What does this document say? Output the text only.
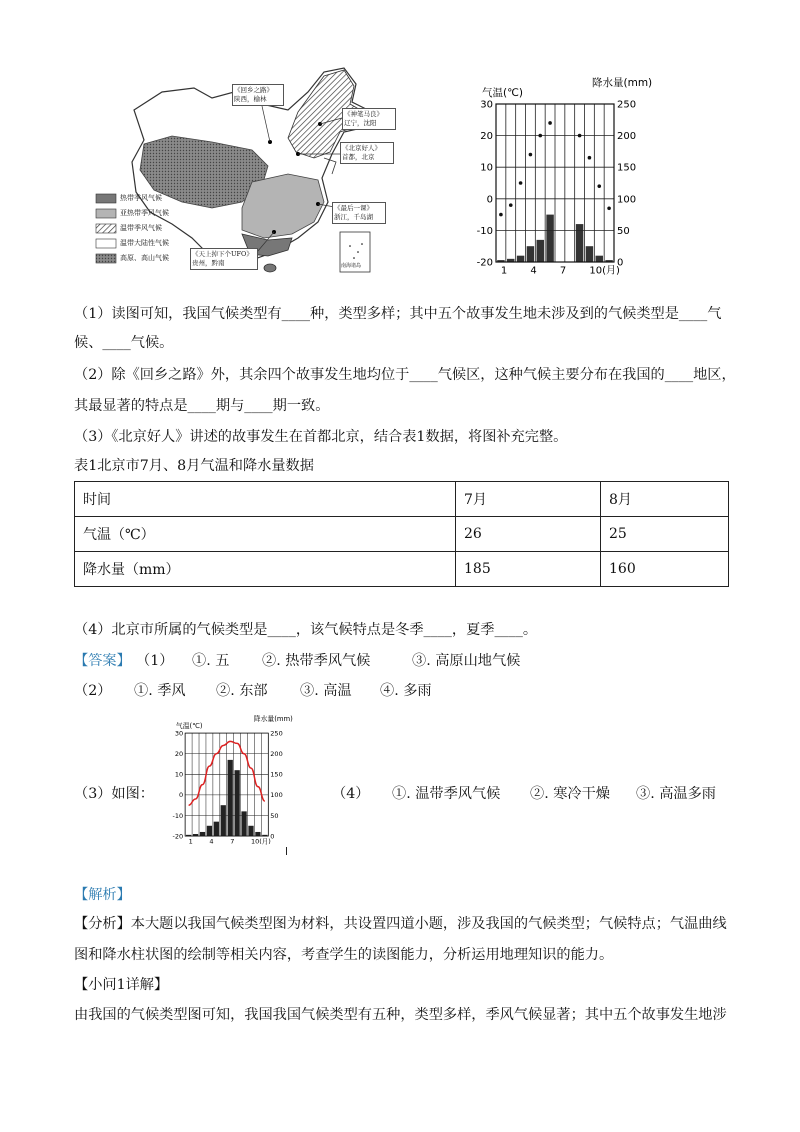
热带季风气候
亚热带季风气候
温带季风气候
温带大陆性气候
高原、高山气候
《回乡之路》
陕西，榆林
《神笔马良》
辽宁，沈阳
《北京好人》
首都，北京
《最后一课》
浙江，千岛湖
《天上掉下个UFO》
贵州，黔南	南海诸岛
30
20
10
0
-10
-20
250
200
150
100
50
0
1 4 7 10(月)
气温(℃)
降水量(mm)
（1）读图可知，我国气候类型有____种，类型多样；其中五个故事发生地未涉及到的气候类型是____气
候、____气候。
（2）除《回乡之路》外，其余四个故事发生地均位于____气候区，这种气候主要分布在我国的____地区，
其最显著的特点是____期与____期一致。
（3）《北京好人》讲述的故事发生在首都北京，结合表1数据，将图补充完整。
表1北京市7月、8月气温和降水量数据
时间	7月	8月
气温（℃）	26	25
降水量（mm）	185	160
（4）北京市所属的气候类型是____，该气候特点是冬季____，夏季____。
【答案】 （1） ①. 五 ②. 热带季风气候	③. 高原山地气候
（2） ①. 季风 ②. 东部 ③. 高温 ④. 多雨
（3）如图：
30
20
10
0
-10
-20
250
200
150
100
50
0
1	4	7	10(月)
气温(℃)
降水量(mm)
（4） ①. 温带季风气候 ②. 寒冷干燥 ③. 高温多雨
【解析】
【分析】本大题以我国气候类型图为材料，共设置四道小题，涉及我国的气候类型；气候特点；气温曲线
图和降水柱状图的绘制等相关内容，考查学生的读图能力，分析运用地理知识的能力。
【小问1详解】
由我国的气候类型图可知，我国我国气候类型有五种，类型多样，季风气候显著；其中五个故事发生地涉
